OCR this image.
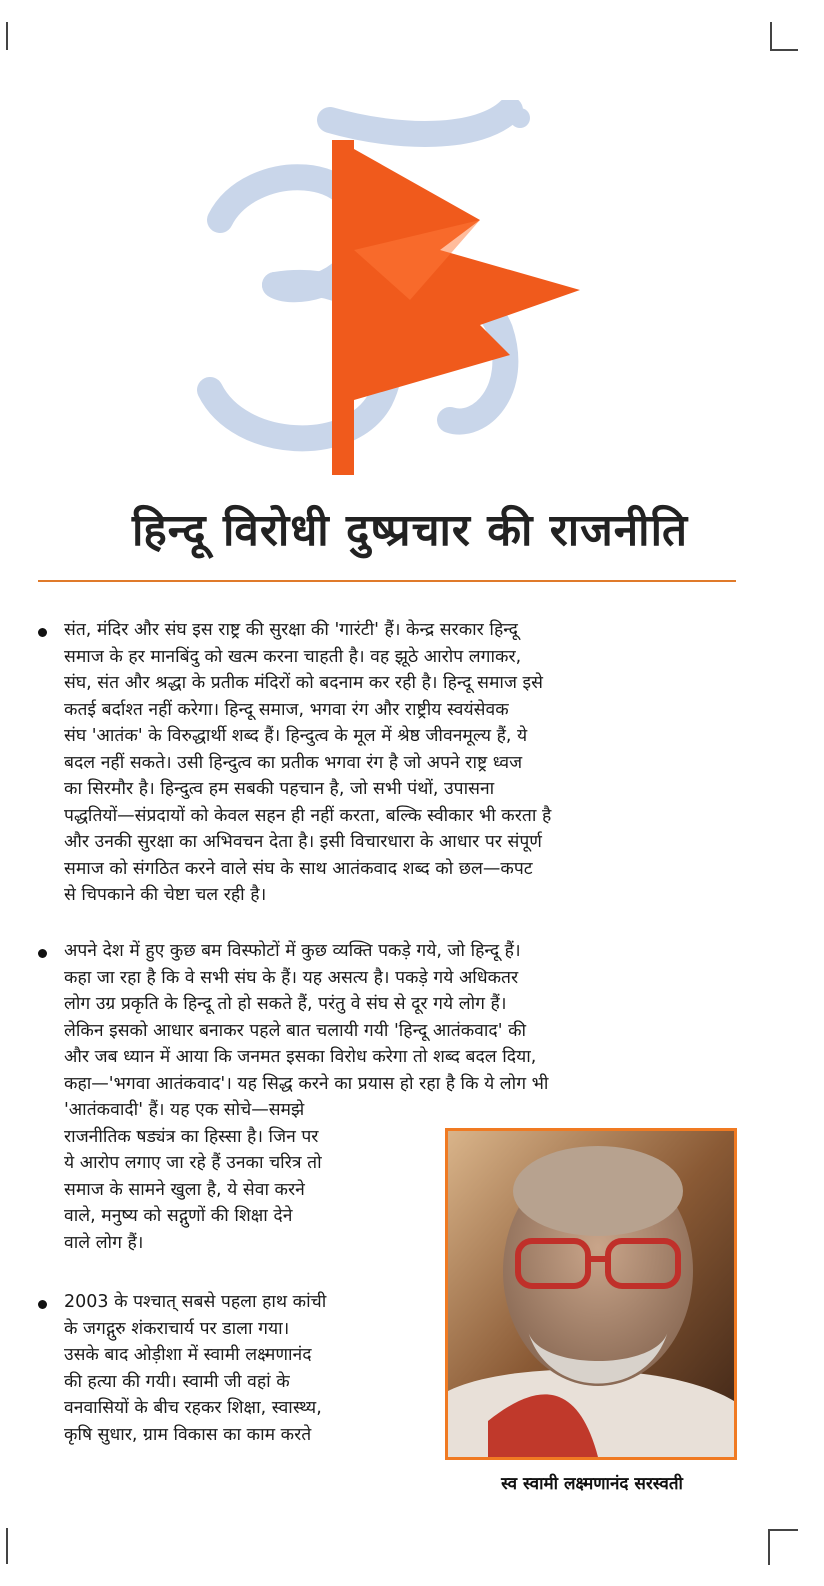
हिन्दू विरोधी दुष्प्रचार की राजनीति
संत, मंदिर और संघ इस राष्ट्र की सुरक्षा की 'गारंटी' हैं। केन्द्र सरकार हिन्दू
समाज के हर मानबिंदु को खत्म करना चाहती है। वह झूठे आरोप लगाकर,
संघ, संत और श्रद्धा के प्रतीक मंदिरों को बदनाम कर रही है। हिन्दू समाज इसे
कतई बर्दाश्त नहीं करेगा। हिन्दू समाज, भगवा रंग और राष्ट्रीय स्वयंसेवक
संघ 'आतंक' के विरुद्धार्थी शब्द हैं। हिन्दुत्व के मूल में श्रेष्ठ जीवनमूल्य हैं, ये
बदल नहीं सकते। उसी हिन्दुत्व का प्रतीक भगवा रंग है जो अपने राष्ट्र ध्वज
का सिरमौर है। हिन्दुत्व हम सबकी पहचान है, जो सभी पंथों, उपासना
पद्धतियों—संप्रदायों को केवल सहन ही नहीं करता, बल्कि स्वीकार भी करता है
और उनकी सुरक्षा का अभिवचन देता है। इसी विचारधारा के आधार पर संपूर्ण
समाज को संगठित करने वाले संघ के साथ आतंकवाद शब्द को छल—कपट
से चिपकाने की चेष्टा चल रही है।
अपने देश में हुए कुछ बम विस्फोटों में कुछ व्यक्ति पकड़े गये, जो हिन्दू हैं।
कहा जा रहा है कि वे सभी संघ के हैं। यह असत्य है। पकड़े गये अधिकतर
लोग उग्र प्रकृति के हिन्दू तो हो सकते हैं, परंतु वे संघ से दूर गये लोग हैं।
लेकिन इसको आधार बनाकर पहले बात चलायी गयी 'हिन्दू आतंकवाद' की
और जब ध्यान में आया कि जनमत इसका विरोध करेगा तो शब्द बदल दिया,
कहा—'भगवा आतंकवाद'। यह सिद्ध करने का प्रयास हो रहा है कि ये लोग भी
'आतंकवादी' हैं। यह एक सोचे—समझे
राजनीतिक षड्यंत्र का हिस्सा है। जिन पर
ये आरोप लगाए जा रहे हैं उनका चरित्र तो
समाज के सामने खुला है, ये सेवा करने
वाले, मनुष्य को सद्गुणों की शिक्षा देने
वाले लोग हैं।
2003 के पश्चात् सबसे पहला हाथ कांची
के जगद्गुरु शंकराचार्य पर डाला गया।
उसके बाद ओड़ीशा में स्वामी लक्ष्मणानंद
की हत्या की गयी। स्वामी जी वहां के
वनवासियों के बीच रहकर शिक्षा, स्वास्थ्य,
कृषि सुधार, ग्राम विकास का काम करते
स्व स्वामी लक्ष्मणानंद सरस्वती
